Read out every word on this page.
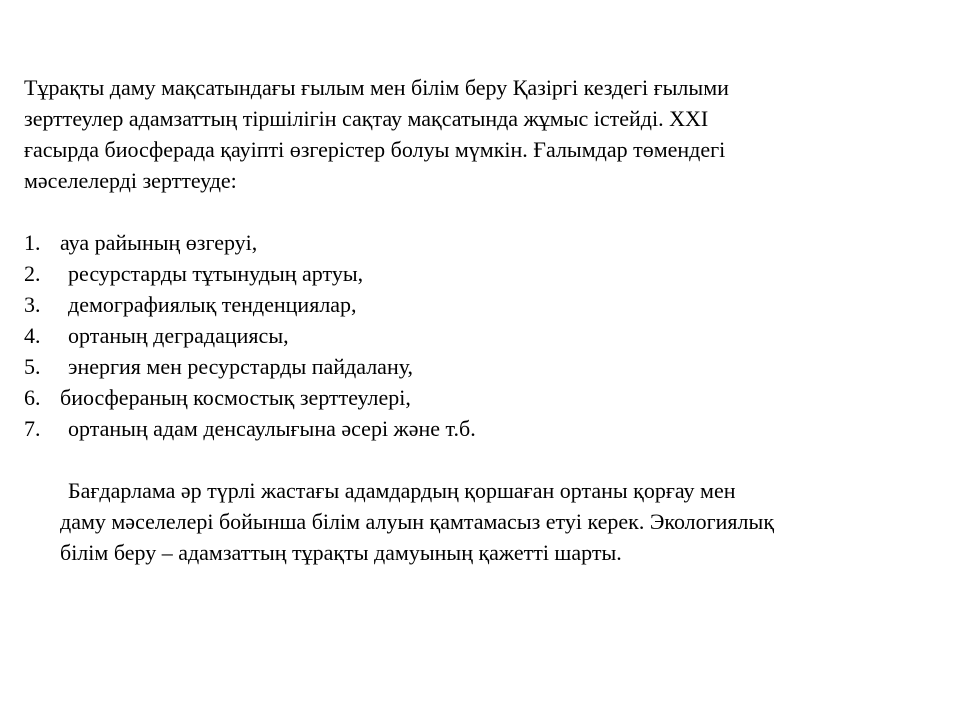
Тұрақты даму мақсатындағы ғылым мен білім беру Қазіргі кездегі ғылыми
зерттеулер адамзаттың тіршілігін сақтау мақсатында жұмыс істейді. XXI
ғасырда биосферада қауіпті өзгерістер болуы мүмкін. Ғалымдар төмендегі
мәселелерді зерттеуде:

1. ауа райының өзгеруі,
2.	ресурстарды тұтынудың артуы,
3.	демографиялық тенденциялар,
4.	ортаның деградациясы,
5.	энергия мен ресурстарды пайдалану,
6. биосфераның космостық зерттеулері,
7.	ортаның адам денсаулығына әсері және т.б.

Бағдарлама әр түрлі жастағы адамдардың қоршаған ортаны қорғау мен
даму мәселелері бойынша білім алуын қамтамасыз етуі керек. Экологиялық
білім беру – адамзаттың тұрақты дамуының қажетті шарты.
